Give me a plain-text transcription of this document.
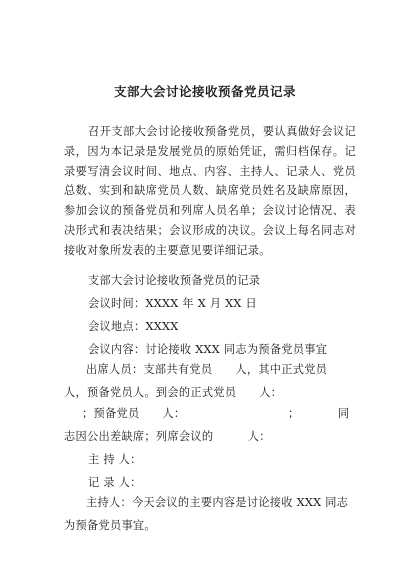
支部大会讨论接收预备党员记录

召开支部大会讨论接收预备党员，要认真做好会议记录，因为本记录是发展党员的原始凭证，需归档保存。记录要写清会议时间、地点、内容、主持人、记录人、党员总数、实到和缺席党员人数、缺席党员姓名及缺席原因，参加会议的预备党员和列席人员名单；会议讨论情况、表决形式和表决结果；会议形成的决议。会议上每名同志对接收对象所发表的主要意见要详细记录。

支部大会讨论接收预备党员的记录
会议时间：XXXX 年 X 月 XX 日
会议地点：XXXX
会议内容：讨论接收 XXX 同志为预备党员事宜

出席人员：支部共有党员　　人，其中正式党员　　人，预备党员人。到会的正式党员　　人：

；预备党员　　人：	；	同
志因公出差缺席；列席会议的　　　人：
主 持 人：
记 录 人：

主持人：今天会议的主要内容是讨论接收 XXX 同志为预备党员事宜。
